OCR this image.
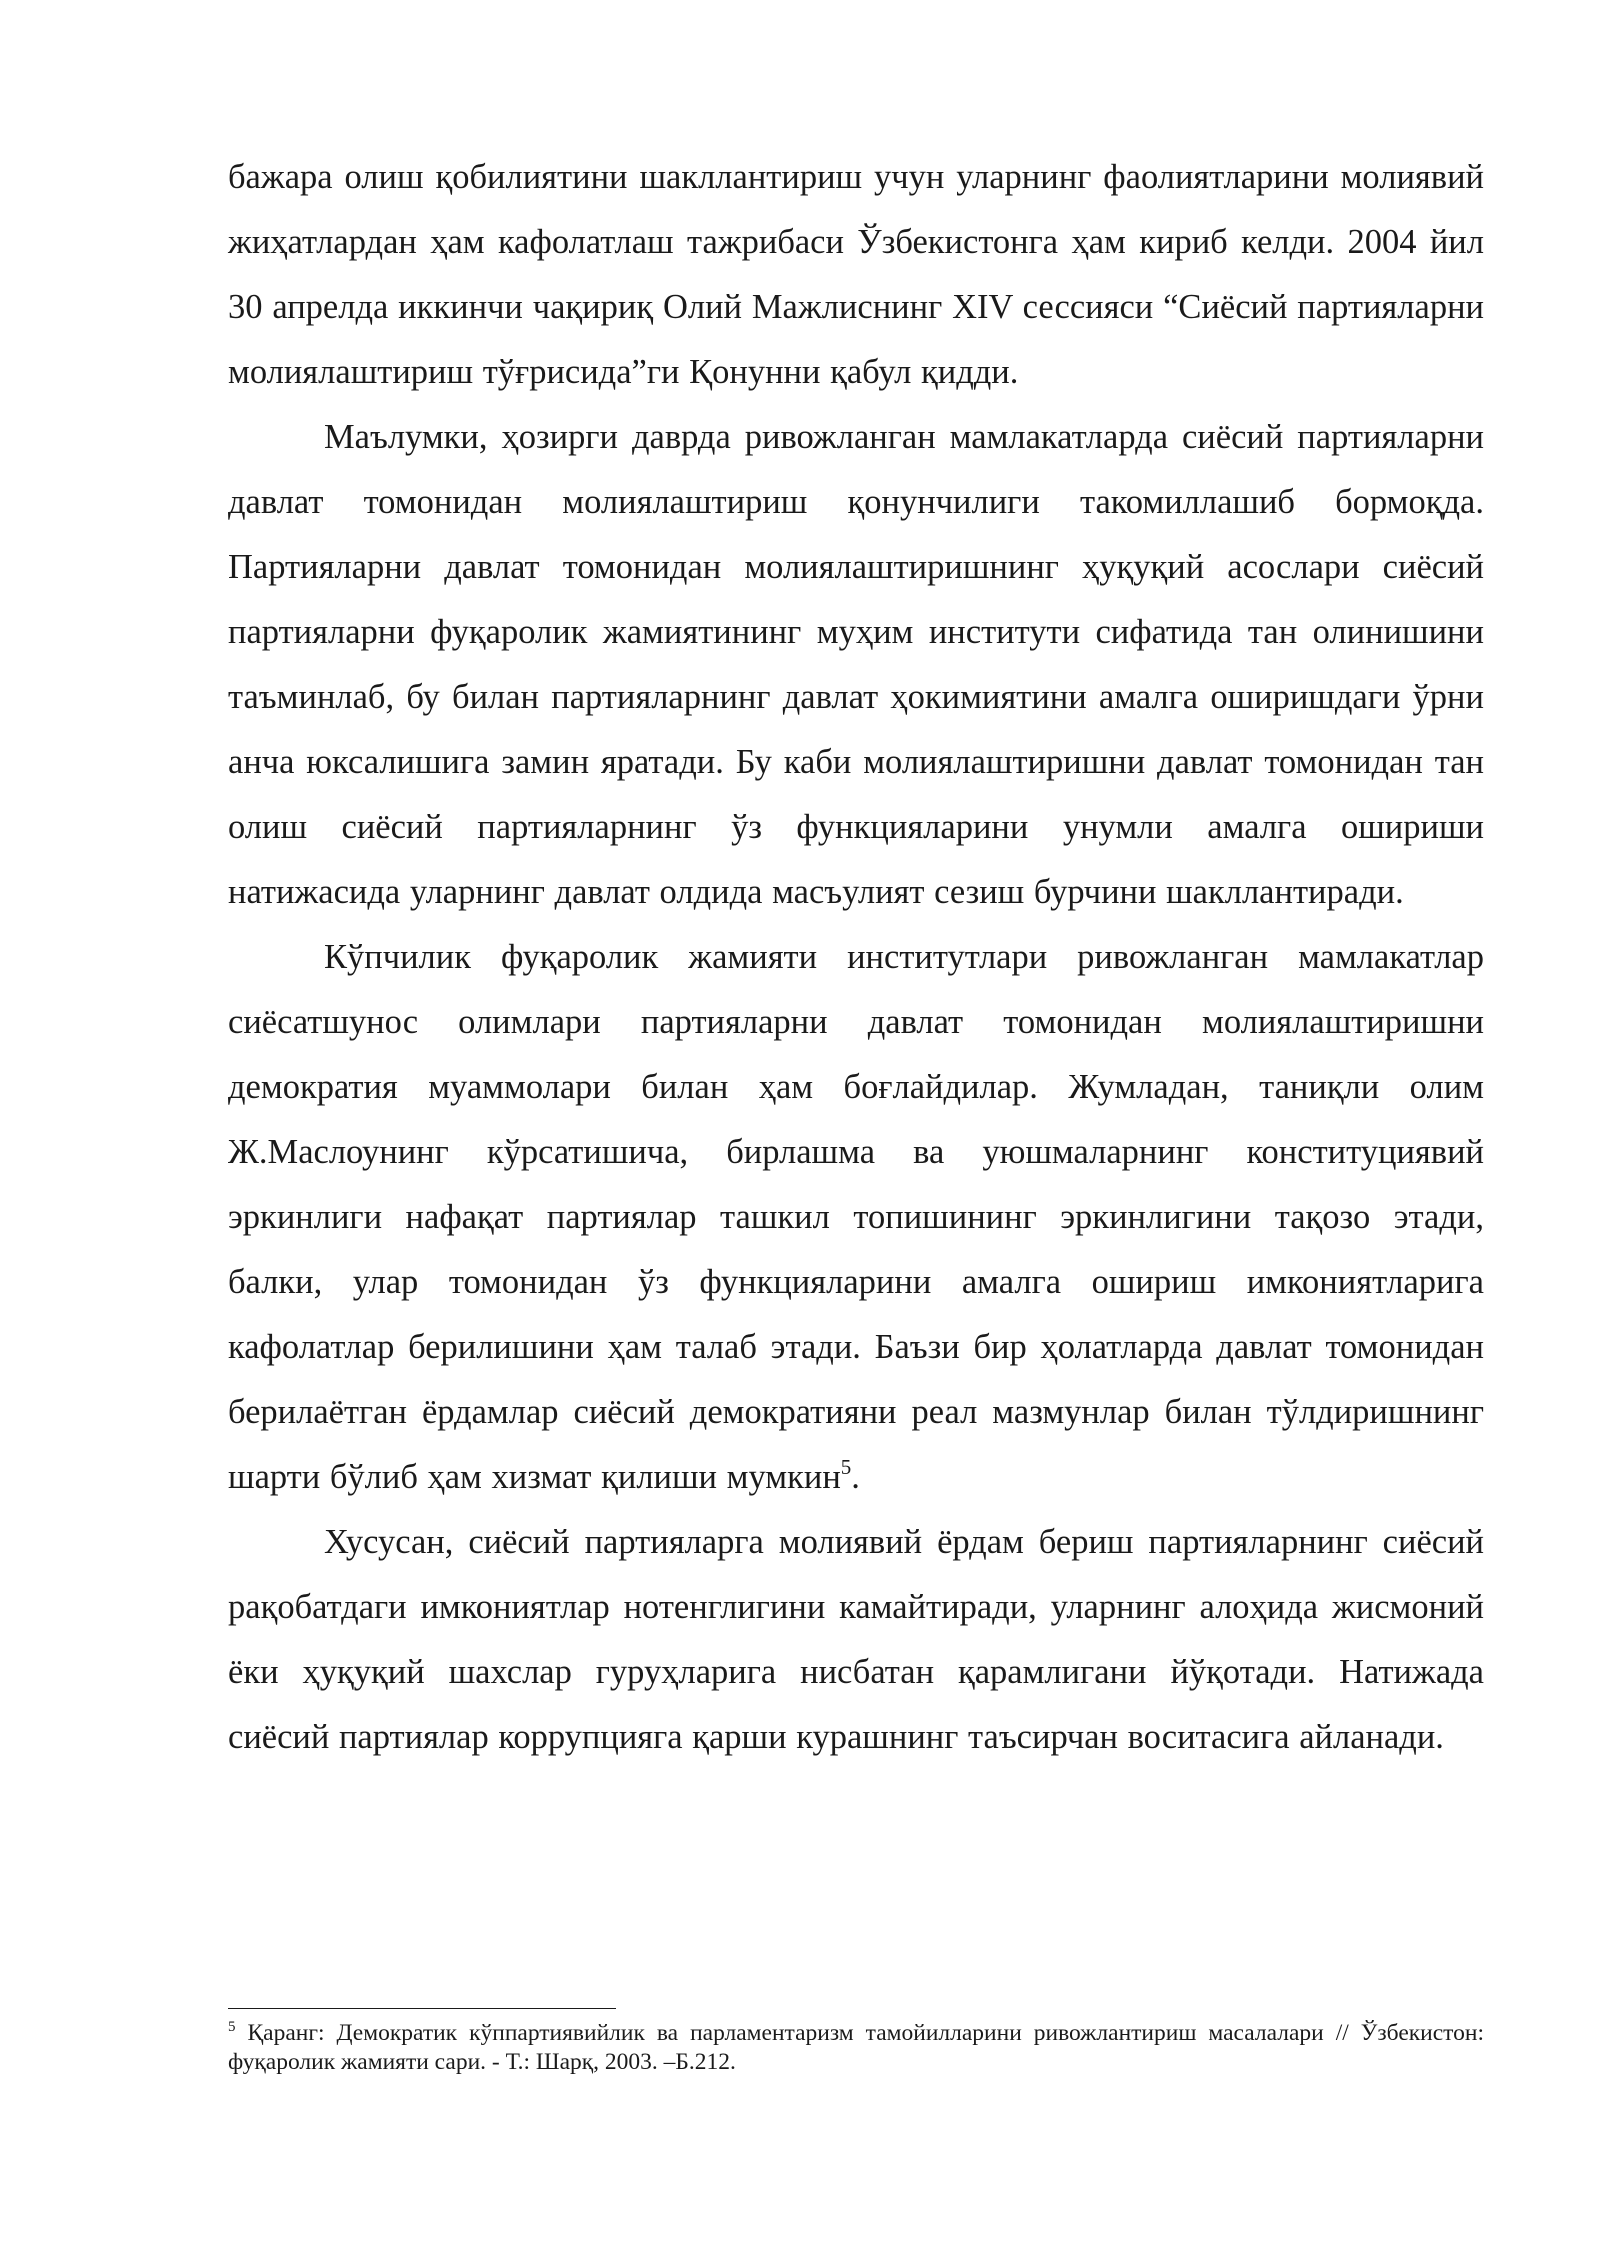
бажара олиш қобилиятини шакллантириш учун уларнинг фаолиятларини молиявий жиҳатлардан ҳам кафолатлаш тажрибаси Ўзбекистонга ҳам кириб келди. 2004 йил 30 апрелда иккинчи чақириқ Олий Мажлиснинг XIV сессияси “Сиёсий партияларни молиялаштириш тўғрисида”ги Қонунни қабул қидди.

Маълумки, ҳозирги даврда ривожланган мамлакатларда сиёсий партияларни давлат томонидан молиялаштириш қонунчилиги такомиллашиб бормоқда. Партияларни давлат томонидан молиялаштиришнинг ҳуқуқий асослари сиёсий партияларни фуқаролик жамиятининг муҳим институти сифатида тан олинишини таъминлаб, бу билан партияларнинг давлат ҳокимиятини амалга оширишдаги ўрни анча юксалишига замин яратади. Бу каби молиялаштиришни давлат томонидан тан олиш сиёсий партияларнинг ўз функцияларини унумли амалга ошириши натижасида уларнинг давлат олдида масъулият сезиш бурчини шакллантиради.

Кўпчилик фуқаролик жамияти институтлари ривожланган мамлакатлар сиёсатшунос олимлари партияларни давлат томонидан молиялаштиришни демократия муаммолари билан ҳам боғлайдилар. Жумладан, таниқли олим Ж.Маслоунинг кўрсатишича, бирлашма ва уюшмаларнинг конституциявий эркинлиги нафақат партиялар ташкил топишининг эркинлигини тақозо этади, балки, улар томонидан ўз функцияларини амалга ошириш имкониятларига кафолатлар берилишини ҳам талаб этади. Баъзи бир ҳолатларда давлат томонидан берилаётган ёрдамлар сиёсий демократияни реал мазмунлар билан тўлдиришнинг шарти бўлиб ҳам хизмат қилиши мумкин$^5$.

Хусусан, сиёсий партияларга молиявий ёрдам бериш партияларнинг сиёсий рақобатдаги имкониятлар нотенглигини камайтиради, уларнинг алоҳида жисмоний ёки ҳуқуқий шахслар гуруҳларига нисбатан қарамлигани йўқотади. Натижада сиёсий партиялар коррупцияга қарши курашнинг таъсирчан воситасига айланади.

$^5$ Қаранг: Демократик кўппартиявийлик ва парламентаризм тамойилларини ривожлантириш масалалари // Ўзбекистон: фуқаролик жамияти сари. - Т.: Шарқ, 2003. –Б.212.
